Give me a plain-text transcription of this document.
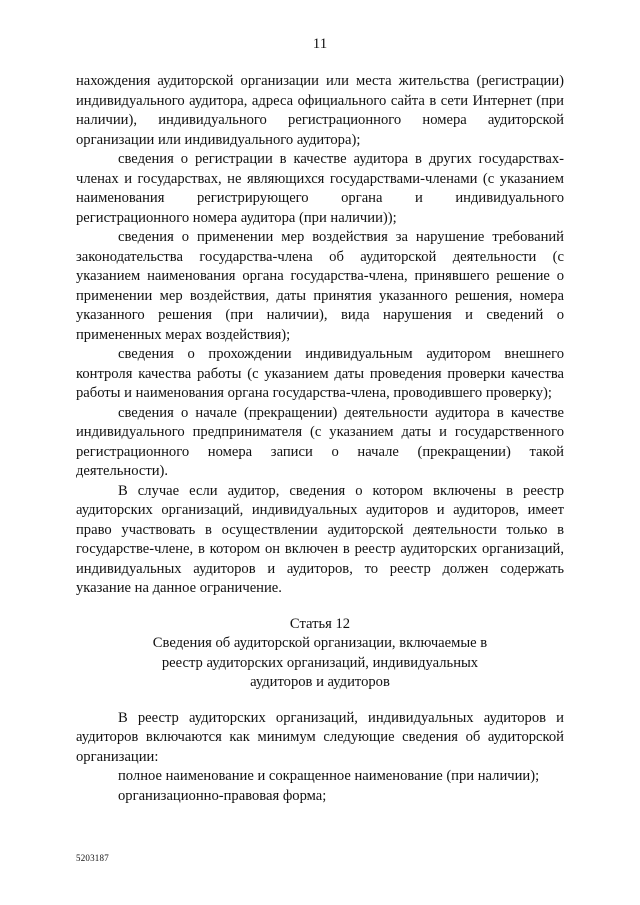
11

нахождения аудиторской организации или места жительства (регистрации) индивидуального аудитора, адреса официального сайта в сети Интернет (при наличии), индивидуального регистрационного номера аудиторской организации или индивидуального аудитора);

сведения о регистрации в качестве аудитора в других государствах-членах и государствах, не являющихся государствами-членами (с указанием наименования регистрирующего органа и индивидуального регистрационного номера аудитора (при наличии));

сведения о применении мер воздействия за нарушение требований законодательства государства-члена об аудиторской деятельности (с указанием наименования органа государства-члена, принявшего решение о применении мер воздействия, даты принятия указанного решения, номера указанного решения (при наличии), вида нарушения и сведений о примененных мерах воздействия);

сведения о прохождении индивидуальным аудитором внешнего контроля качества работы (с указанием даты проведения проверки качества работы и наименования органа государства-члена, проводившего проверку);

сведения о начале (прекращении) деятельности аудитора в качестве индивидуального предпринимателя (с указанием даты и государственного регистрационного номера записи о начале (прекращении) такой деятельности).

В случае если аудитор, сведения о котором включены в реестр аудиторских организаций, индивидуальных аудиторов и аудиторов, имеет право участвовать в осуществлении аудиторской деятельности только в государстве-члене, в котором он включен в реестр аудиторских организаций, индивидуальных аудиторов и аудиторов, то реестр должен содержать указание на данное ограничение.

Статья 12
Сведения об аудиторской организации, включаемые в
реестр аудиторских организаций, индивидуальных
аудиторов и аудиторов

В реестр аудиторских организаций, индивидуальных аудиторов и аудиторов включаются как минимум следующие сведения об аудиторской организации:

полное наименование и сокращенное наименование (при наличии);

организационно-правовая форма;

5203187
